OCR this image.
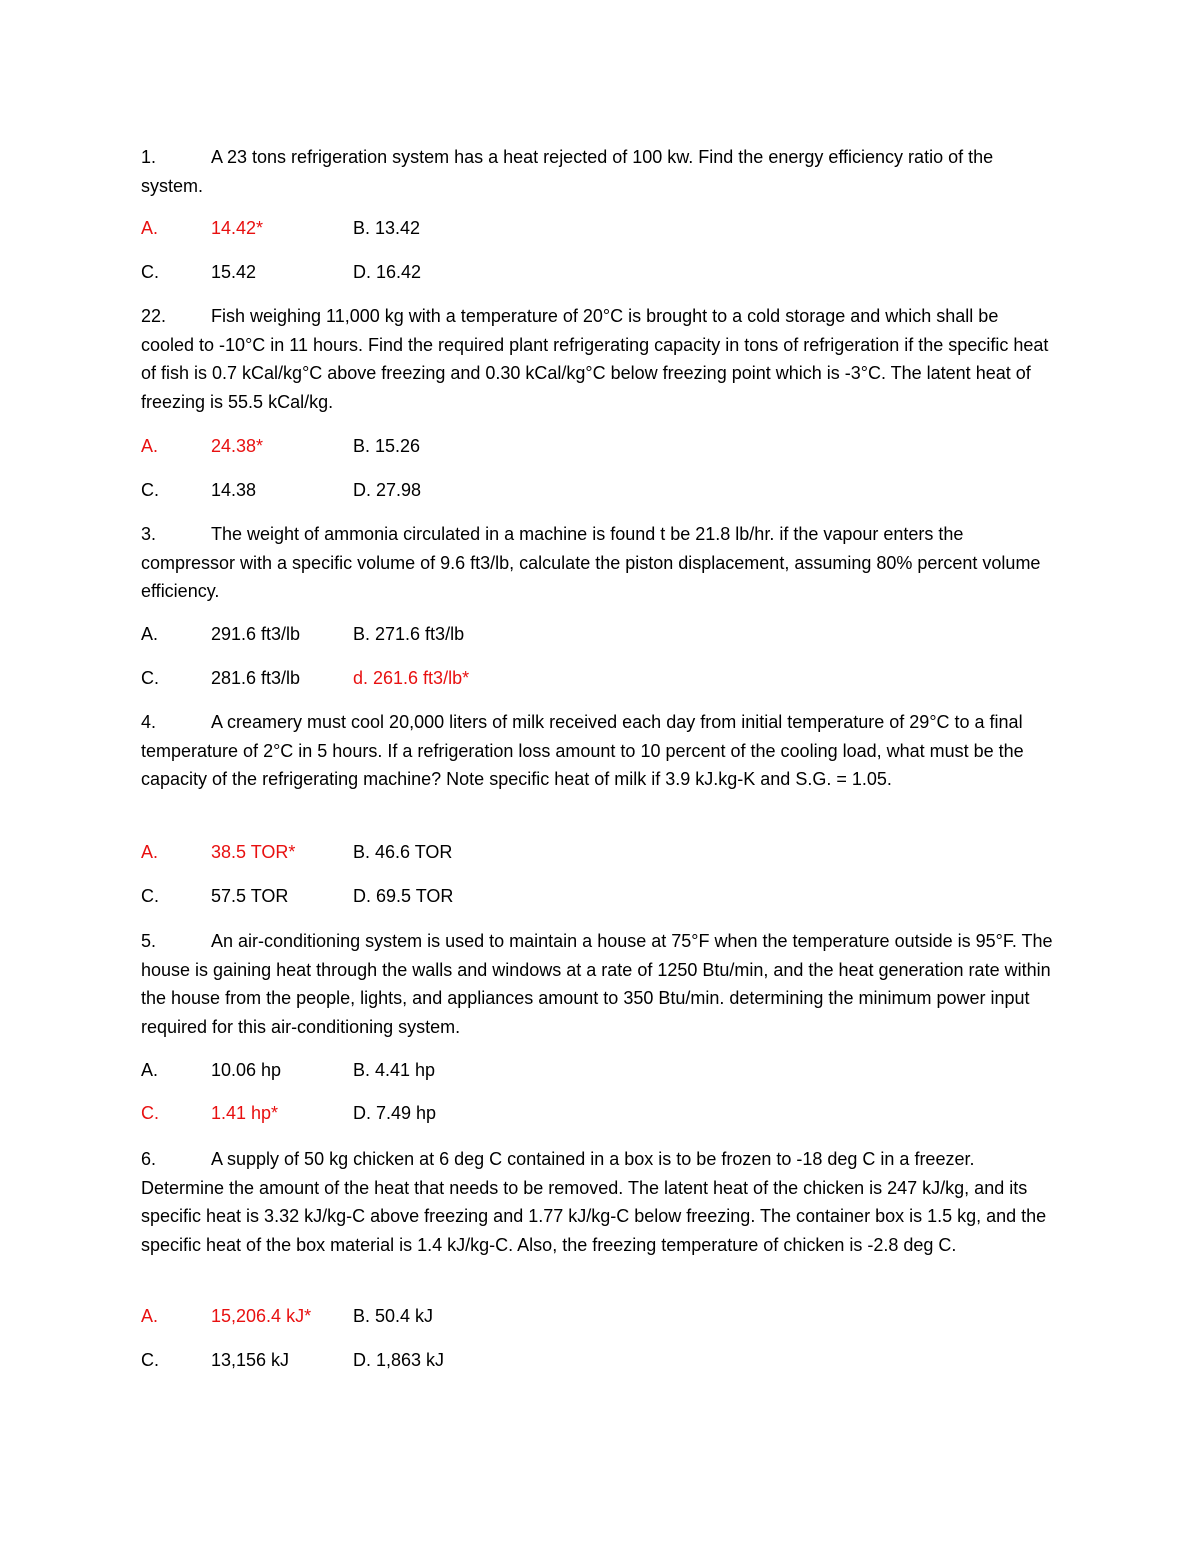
1.	A 23 tons refrigeration system has a heat rejected of 100 kw. Find the energy efficiency ratio of the system.

A.	14.42*	B. 13.42
C.	15.42	D. 16.42

22. Fish weighing 11,000 kg with a temperature of 20°C is brought to a cold storage and which shall be cooled to -10°C in 11 hours. Find the required plant refrigerating capacity in tons of refrigeration if the specific heat of fish is 0.7 kCal/kg°C above freezing and 0.30 kCal/kg°C below freezing point which is -3°C. The latent heat of freezing is 55.5 kCal/kg.

A.	24.38*	B. 15.26
C.	14.38	D. 27.98

3.	The weight of ammonia circulated in a machine is found t be 21.8 lb/hr. if the vapour enters the compressor with a specific volume of 9.6 ft3/lb, calculate the piston displacement, assuming 80% percent volume efficiency.

A.	291.6 ft3/lb	B. 271.6 ft3/lb
C.	281.6 ft3/lb	d. 261.6 ft3/lb*

4.	A creamery must cool 20,000 liters of milk received each day from initial temperature of 29°C to a final temperature of 2°C in 5 hours. If a refrigeration loss amount to 10 percent of the cooling load, what must be the capacity of the refrigerating machine? Note specific heat of milk if 3.9 kJ.kg-K and S.G. = 1.05.

A.	38.5 TOR*	B. 46.6 TOR
C.	57.5 TOR	D. 69.5 TOR

5.	An air-conditioning system is used to maintain a house at 75°F when the temperature outside is 95°F. The house is gaining heat through the walls and windows at a rate of 1250 Btu/min, and the heat generation rate within the house from the people, lights, and appliances amount to 350 Btu/min. determining the minimum power input required for this air-conditioning system.

A.	10.06 hp	B. 4.41 hp
C.	1.41 hp*	D. 7.49 hp

6.	A supply of 50 kg chicken at 6 deg C contained in a box is to be frozen to -18 deg C in a freezer. Determine the amount of the heat that needs to be removed. The latent heat of the chicken is 247 kJ/kg, and its specific heat is 3.32 kJ/kg-C above freezing and 1.77 kJ/kg-C below freezing. The container box is 1.5 kg, and the specific heat of the box material is 1.4 kJ/kg-C. Also, the freezing temperature of chicken is -2.8 deg C.

A.	15,206.4 kJ* B. 50.4 kJ
C.	13,156 kJ	D. 1,863 kJ
